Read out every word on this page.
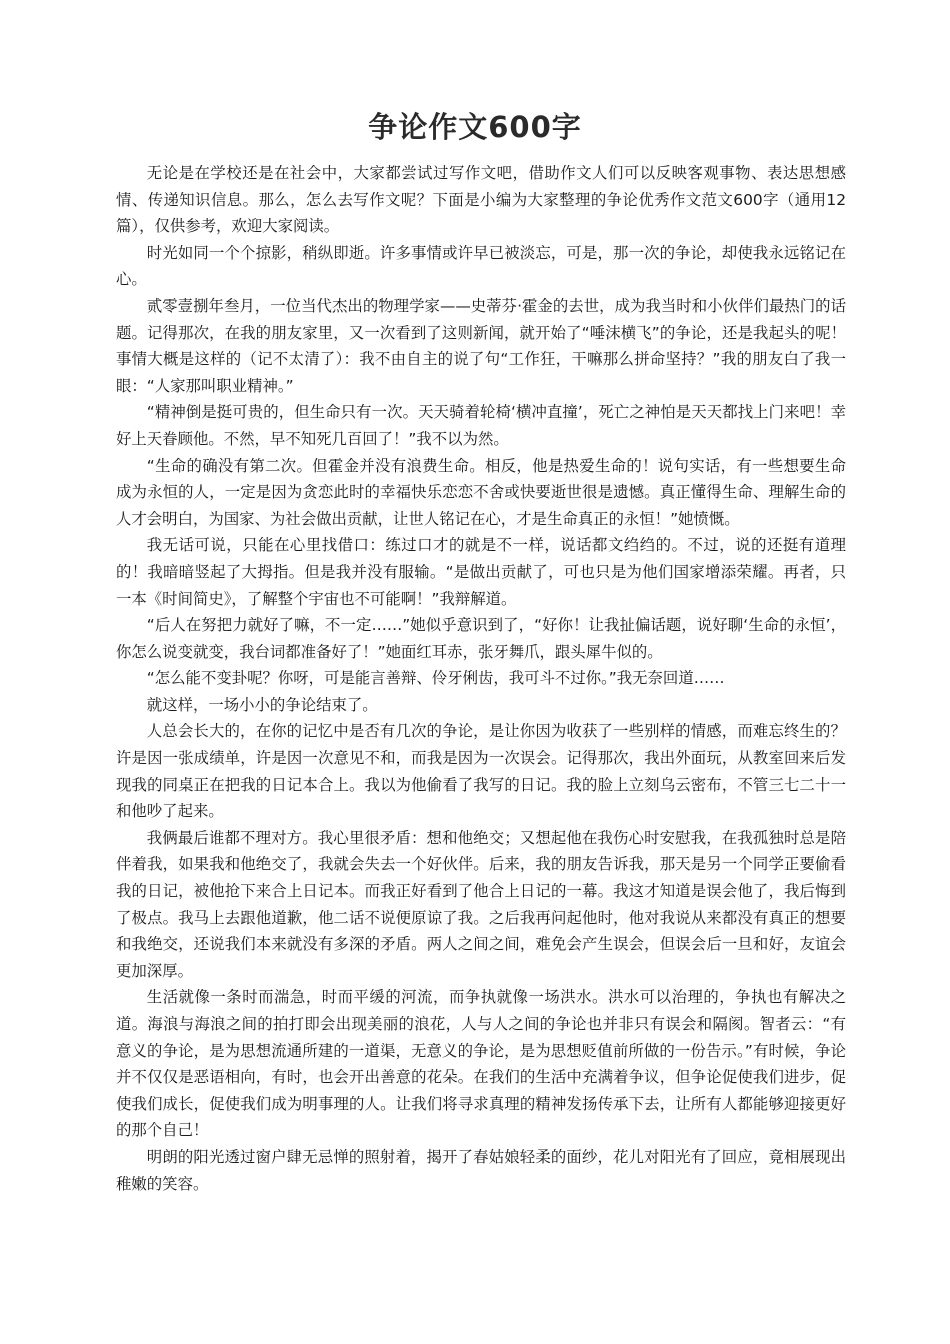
争论作文600字

无论是在学校还是在社会中，大家都尝试过写作文吧，借助作文人们可以反映客观事物、表达思想感情、传递知识信息。那么，怎么去写作文呢？下面是小编为大家整理的争论优秀作文范文600字（通用12篇），仅供参考，欢迎大家阅读。

时光如同一个个掠影，稍纵即逝。许多事情或许早已被淡忘，可是，那一次的争论，却使我永远铭记在心。

贰零壹捌年叁月，一位当代杰出的物理学家——史蒂芬·霍金的去世，成为我当时和小伙伴们最热门的话题。记得那次，在我的朋友家里，又一次看到了这则新闻，就开始了“唾沫横飞”的争论，还是我起头的呢！事情大概是这样的（记不太清了）：我不由自主的说了句“工作狂，干嘛那么拼命坚持？”我的朋友白了我一眼：“人家那叫职业精神。”

“精神倒是挺可贵的，但生命只有一次。天天骑着轮椅‘横冲直撞’，死亡之神怕是天天都找上门来吧！幸好上天眷顾他。不然，早不知死几百回了！”我不以为然。

“生命的确没有第二次。但霍金并没有浪费生命。相反，他是热爱生命的！说句实话，有一些想要生命成为永恒的人，一定是因为贪恋此时的幸福快乐恋恋不舍或快要逝世很是遗憾。真正懂得生命、理解生命的人才会明白，为国家、为社会做出贡献，让世人铭记在心，才是生命真正的永恒！”她愤慨。

我无话可说，只能在心里找借口：练过口才的就是不一样，说话都文绉绉的。不过，说的还挺有道理的！我暗暗竖起了大拇指。但是我并没有服输。“是做出贡献了，可也只是为他们国家增添荣耀。再者，只一本《时间简史》，了解整个宇宙也不可能啊！”我辩解道。

“后人在努把力就好了嘛，不一定……”她似乎意识到了，“好你！让我扯偏话题，说好聊‘生命的永恒’，你怎么说变就变，我台词都准备好了！”她面红耳赤，张牙舞爪，跟头犀牛似的。

“怎么能不变卦呢？你呀，可是能言善辩、伶牙俐齿，我可斗不过你。”我无奈回道……

就这样，一场小小的争论结束了。

人总会长大的，在你的记忆中是否有几次的争论，是让你因为收获了一些别样的情感，而难忘终生的？许是因一张成绩单，许是因一次意见不和，而我是因为一次误会。记得那次，我出外面玩，从教室回来后发现我的同桌正在把我的日记本合上。我以为他偷看了我写的日记。我的脸上立刻乌云密布，不管三七二十一和他吵了起来。

我俩最后谁都不理对方。我心里很矛盾：想和他绝交；又想起他在我伤心时安慰我，在我孤独时总是陪伴着我，如果我和他绝交了，我就会失去一个好伙伴。后来，我的朋友告诉我，那天是另一个同学正要偷看我的日记，被他抢下来合上日记本。而我正好看到了他合上日记的一幕。我这才知道是误会他了，我后悔到了极点。我马上去跟他道歉，他二话不说便原谅了我。之后我再问起他时，他对我说从来都没有真正的想要和我绝交，还说我们本来就没有多深的矛盾。两人之间之间，难免会产生误会，但误会后一旦和好，友谊会更加深厚。

生活就像一条时而湍急，时而平缓的河流，而争执就像一场洪水。洪水可以治理的，争执也有解决之道。海浪与海浪之间的拍打即会出现美丽的浪花，人与人之间的争论也并非只有误会和隔阂。智者云：“有意义的争论，是为思想流通所建的一道渠，无意义的争论，是为思想贬值前所做的一份告示。”有时候，争论并不仅仅是恶语相向，有时，也会开出善意的花朵。在我们的生活中充满着争议，但争论促使我们进步，促使我们成长，促使我们成为明事理的人。让我们将寻求真理的精神发扬传承下去，让所有人都能够迎接更好的那个自己！

明朗的阳光透过窗户肆无忌惮的照射着，揭开了春姑娘轻柔的面纱，花儿对阳光有了回应，竟相展现出稚嫩的笑容。
